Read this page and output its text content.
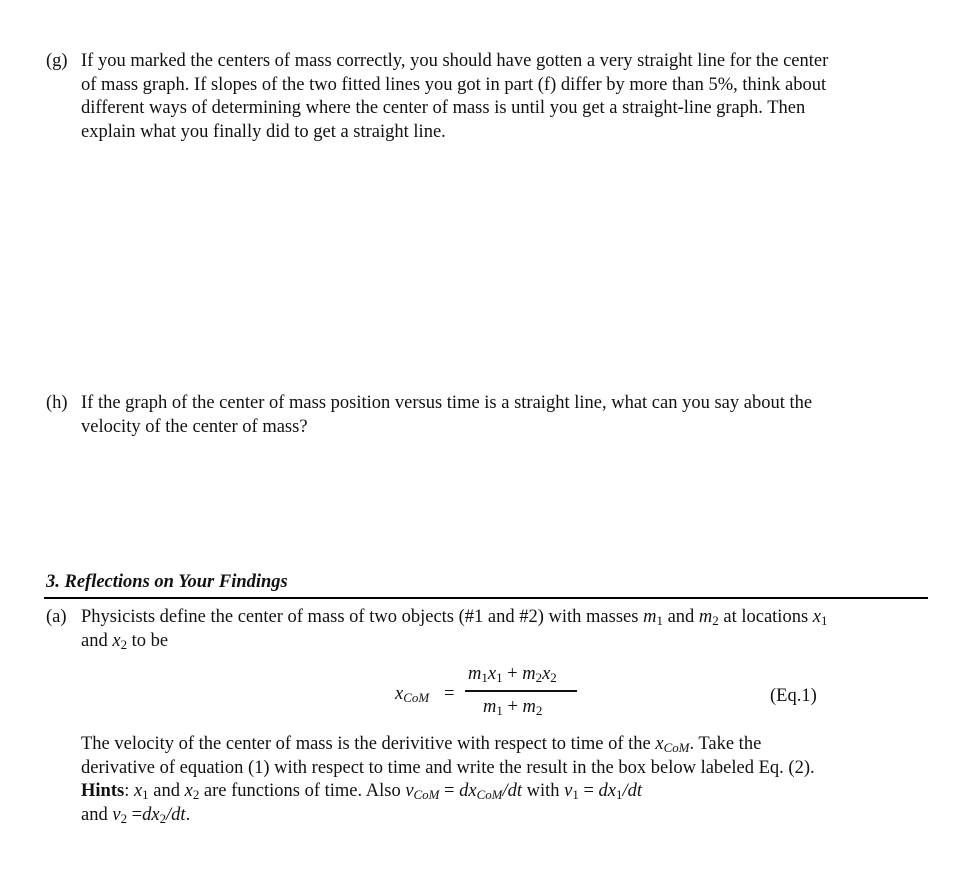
(g) If you marked the centers of mass correctly, you should have gotten a very straight line for the center
of mass graph. If slopes of the two fitted lines you got in part (f) differ by more than 5%, think about
different ways of determining where the center of mass is until you get a straight-line graph. Then
explain what you finally did to get a straight line.
(h) If the graph of the center of mass position versus time is a straight line, what can you say about the
velocity of the center of mass?
3. Reflections on Your Findings
(a) Physicists define the center of mass of two objects (#1 and #2) with masses $m_1$ and $m_2$ at locations $x_1$
and $x_2$ to be
$x_{CoM}$ =
$m_1x_1 + m_2x_2$
$m_1 + m_2$
(Eq.1)
The velocity of the center of mass is the derivitive with respect to time of the $x_{CoM}$. Take the
derivative of equation (1) with respect to time and write the result in the box below labeled Eq. (2).
Hints: $x_1$ and $x_2$ are functions of time. Also $v_{CoM} = dx_{CoM}/dt$ with $v_1 = dx_1/dt$
and $v_2 =dx_2/dt$.
